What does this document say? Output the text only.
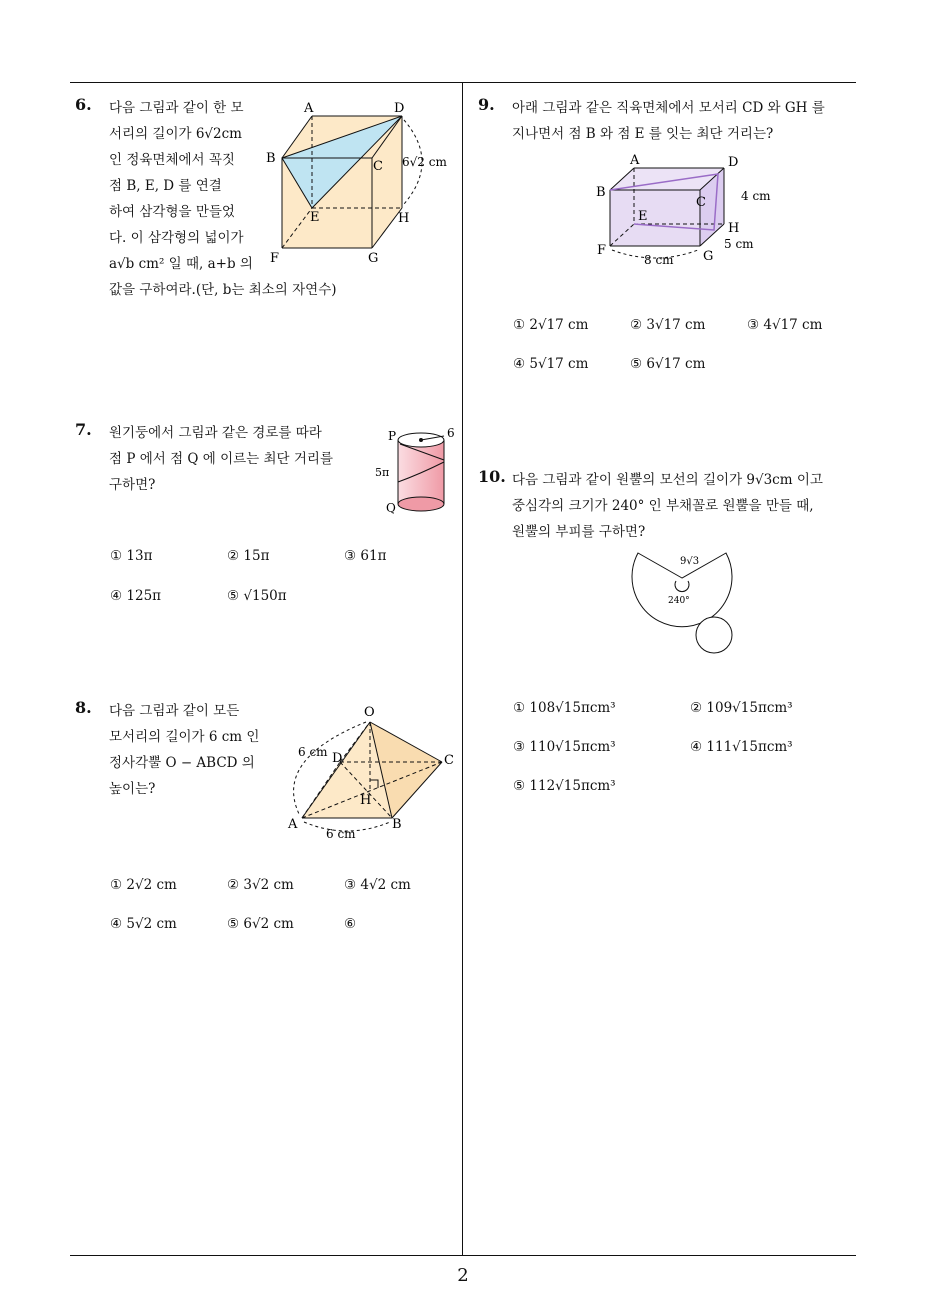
2
6. 다음 그림과 같이 한 모
서리의 길이가 6√2cm
인 정육면체에서 꼭짓
점 B, E, D 를 연결
하여 삼각형을 만들었
다. 이 삼각형의 넓이가
a√b cm² 일 때, a+b 의
값을 구하여라.(단, b는 최소의 자연수)
A	D
B
C
E	H
F	G
6√2 cm
7. 원기둥에서 그림과 같은 경로를 따라
점 P 에서 점 Q 에 이르는 최단 거리를
구하면?
P
Q
6
5π
① 13π	② 15π	③ 61π
④ 125π	⑤ √150π
8. 다음 그림과 같이 모든
모서리의 길이가 6 cm 인
정사각뿔 O − ABCD 의
높이는?
O
D	C
H
A	B
6 cm
6 cm
① 2√2 cm	② 3√2 cm	③ 4√2 cm
④ 5√2 cm	⑤ 6√2 cm	⑥
9. 아래 그림과 같은 직육면체에서 모서리 CD 와 GH 를
지나면서 점 B 와 점 E 를 잇는 최단 거리는?
A	D
B
C
E
H
F	G
4 cm
5 cm
8 cm
① 2√17 cm	② 3√17 cm	③ 4√17 cm
④ 5√17 cm	⑤ 6√17 cm
10. 다음 그림과 같이 원뿔의 모선의 길이가 9√3cm 이고
중심각의 크기가 240° 인 부채꼴로 원뿔을 만들 때,
원뿔의 부피를 구하면?
9√3
240°
① 108√15πcm³	② 109√15πcm³
③ 110√15πcm³	④ 111√15πcm³
⑤ 112√15πcm³
